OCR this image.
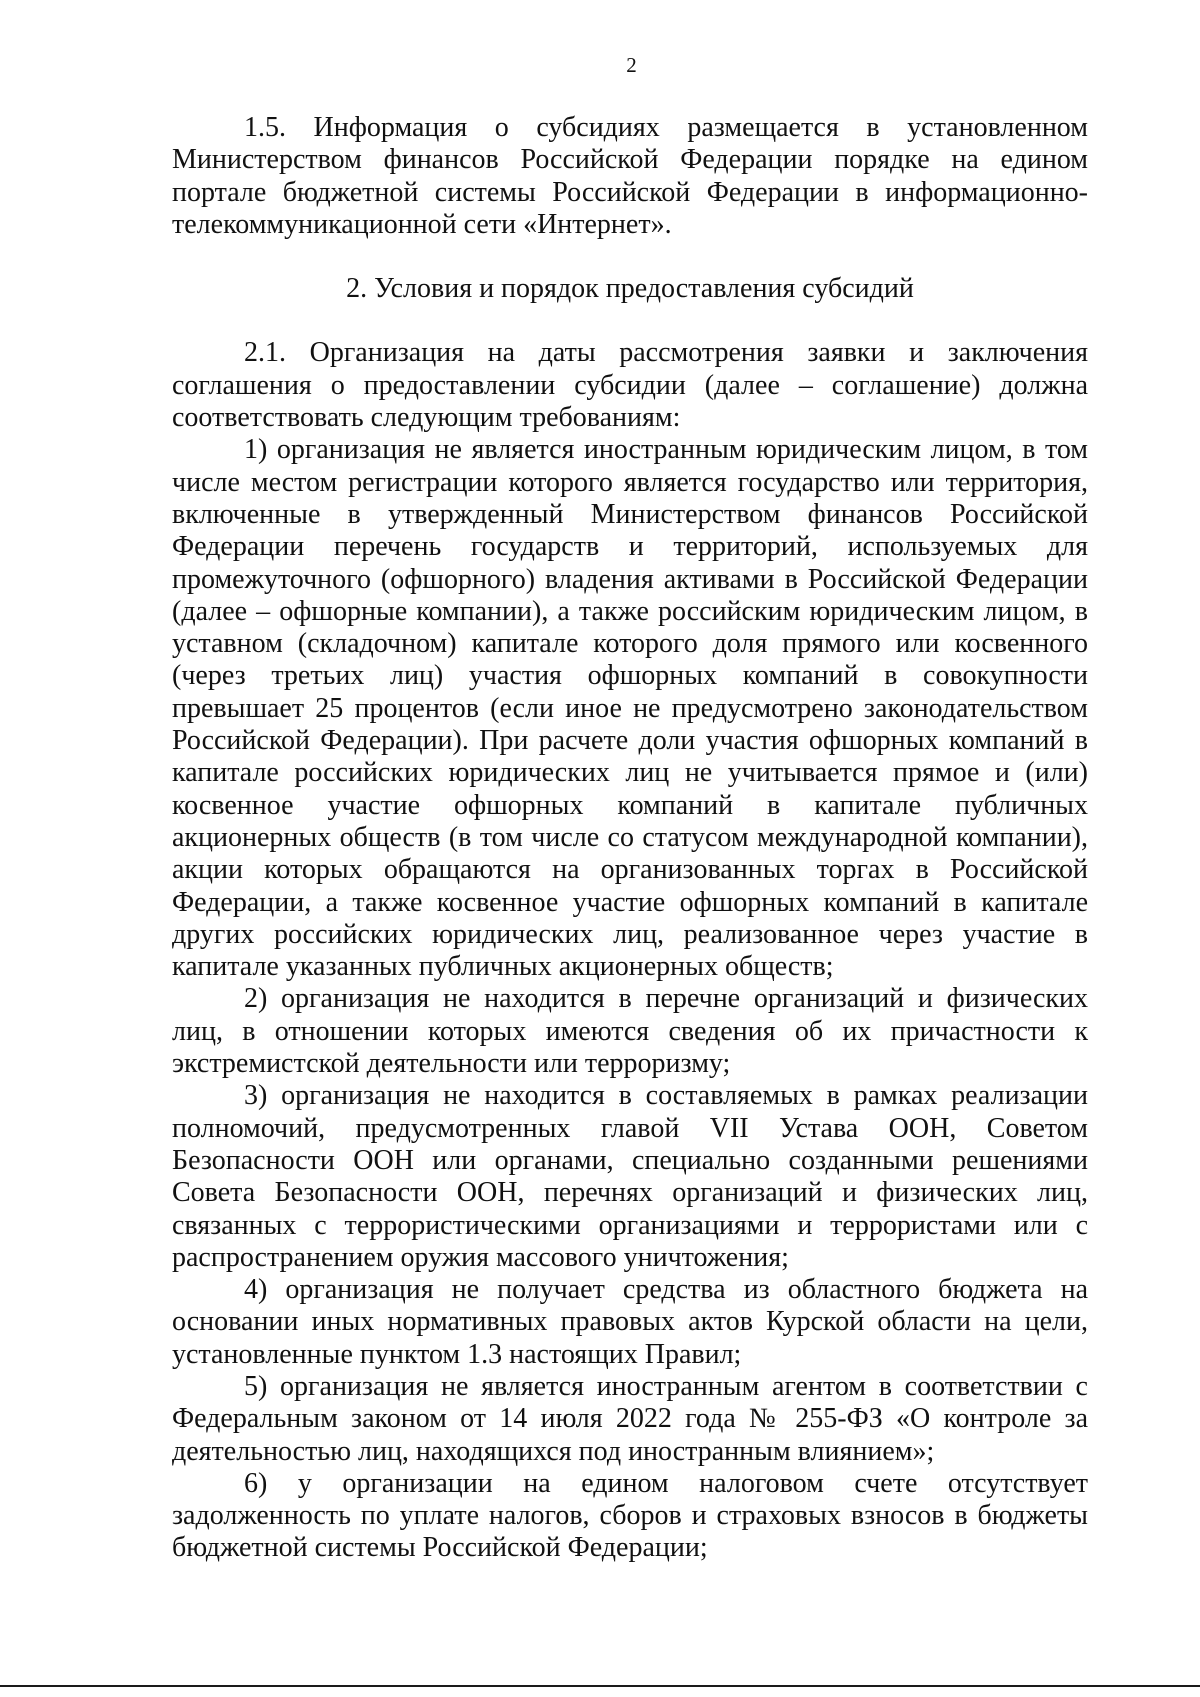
2

1.5. Информация о субсидиях размещается в установленном Министерством финансов Российской Федерации порядке на едином портале бюджетной системы Российской Федерации в информационно-телекоммуникационной сети «Интернет».

2. Условия и порядок предоставления субсидий

2.1. Организация на даты рассмотрения заявки и заключения соглашения о предоставлении субсидии (далее – соглашение) должна соответствовать следующим требованиям:

1) организация не является иностранным юридическим лицом, в том числе местом регистрации которого является государство или территория, включенные в утвержденный Министерством финансов Российской Федерации перечень государств и территорий, используемых для промежуточного (офшорного) владения активами в Российской Федерации (далее – офшорные компании), а также российским юридическим лицом, в уставном (складочном) капитале которого доля прямого или косвенного (через третьих лиц) участия офшорных компаний в совокупности превышает 25 процентов (если иное не предусмотрено законодательством Российской Федерации). При расчете доли участия офшорных компаний в капитале российских юридических лиц не учитывается прямое и (или) косвенное участие офшорных компаний в капитале публичных акционерных обществ (в том числе со статусом международной компании), акции которых обращаются на организованных торгах в Российской Федерации, а также косвенное участие офшорных компаний в капитале других российских юридических лиц, реализованное через участие в капитале указанных публичных акционерных обществ;

2) организация не находится в перечне организаций и физических лиц, в отношении которых имеются сведения об их причастности к экстремистской деятельности или терроризму;

3) организация не находится в составляемых в рамках реализации полномочий, предусмотренных главой VII Устава ООН, Советом Безопасности ООН или органами, специально созданными решениями Совета Безопасности ООН, перечнях организаций и физических лиц, связанных с террористическими организациями и террористами или с распространением оружия массового уничтожения;

4) организация не получает средства из областного бюджета на основании иных нормативных правовых актов Курской области на цели, установленные пунктом 1.3 настоящих Правил;

5) организация не является иностранным агентом в соответствии с Федеральным законом от 14 июля 2022 года № 255-ФЗ «О контроле за деятельностью лиц, находящихся под иностранным влиянием»;

6) у организации на едином налоговом счете отсутствует задолженность по уплате налогов, сборов и страховых взносов в бюджеты бюджетной системы Российской Федерации;
